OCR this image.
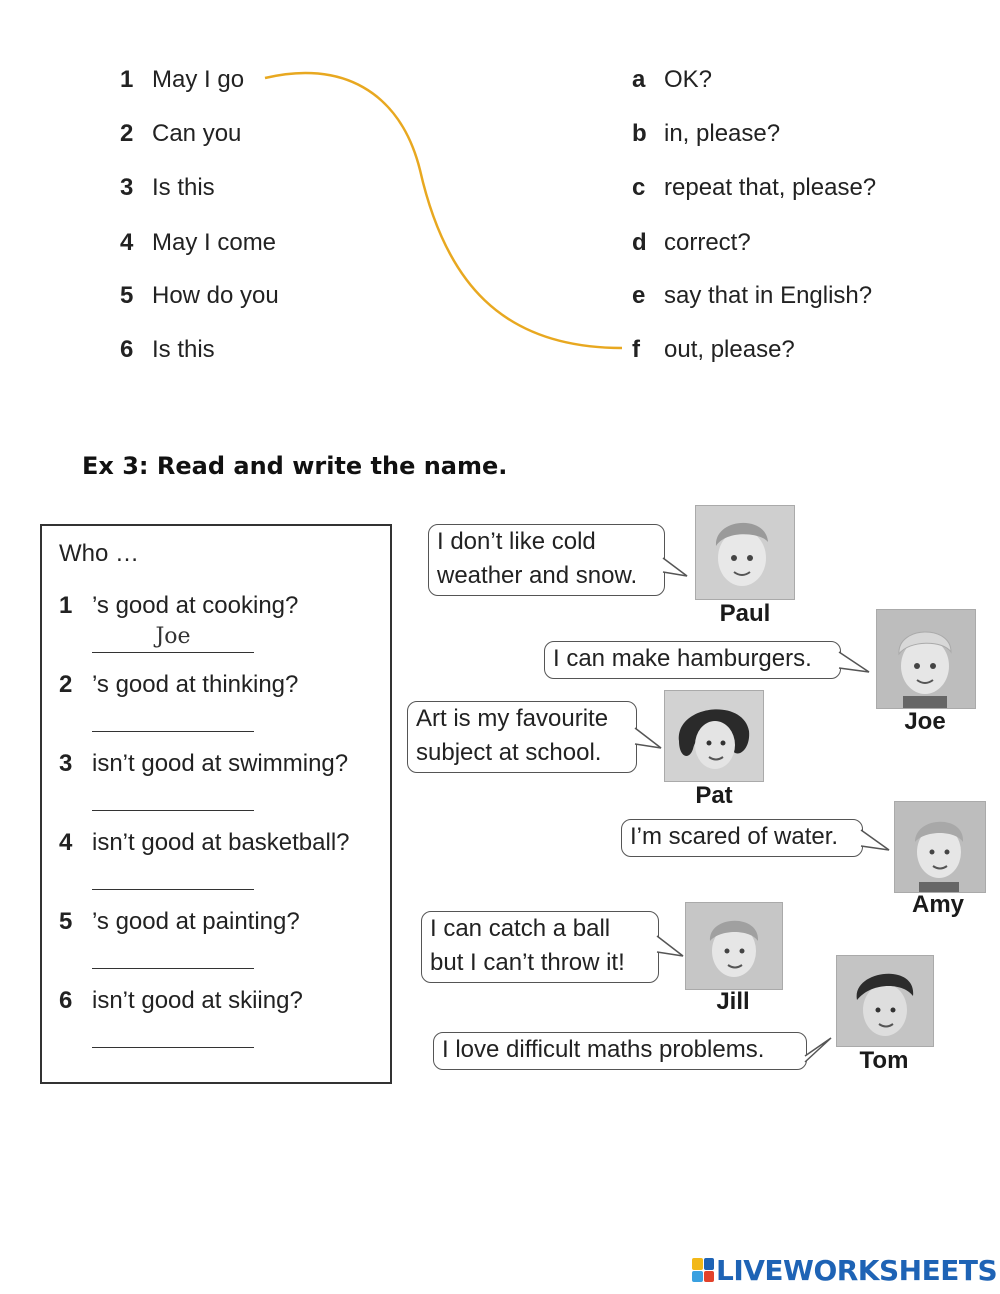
1 May I go
2 Can you
3 Is this
4 May I come
5 How do you
6 Is this
a OK?
b in, please?
c repeat that, please?
d correct?
e say that in English?
f out, please?
Ex 3: Read and write the name.
Who …
1 ’s good at cooking?
Joe
2 ’s good at thinking?
3 isn’t good at swimming?
4 isn’t good at basketball?
5 ’s good at painting?
6 isn’t good at skiing?
I don’t like cold
weather and snow.
Paul
I can make hamburgers.
Joe
Art is my favourite
subject at school.
Pat
I’m scared of water.
Amy
I can catch a ball
but I can’t throw it!
Jill
I love difficult maths problems.	Tom
LIVEWORKSHEETS
